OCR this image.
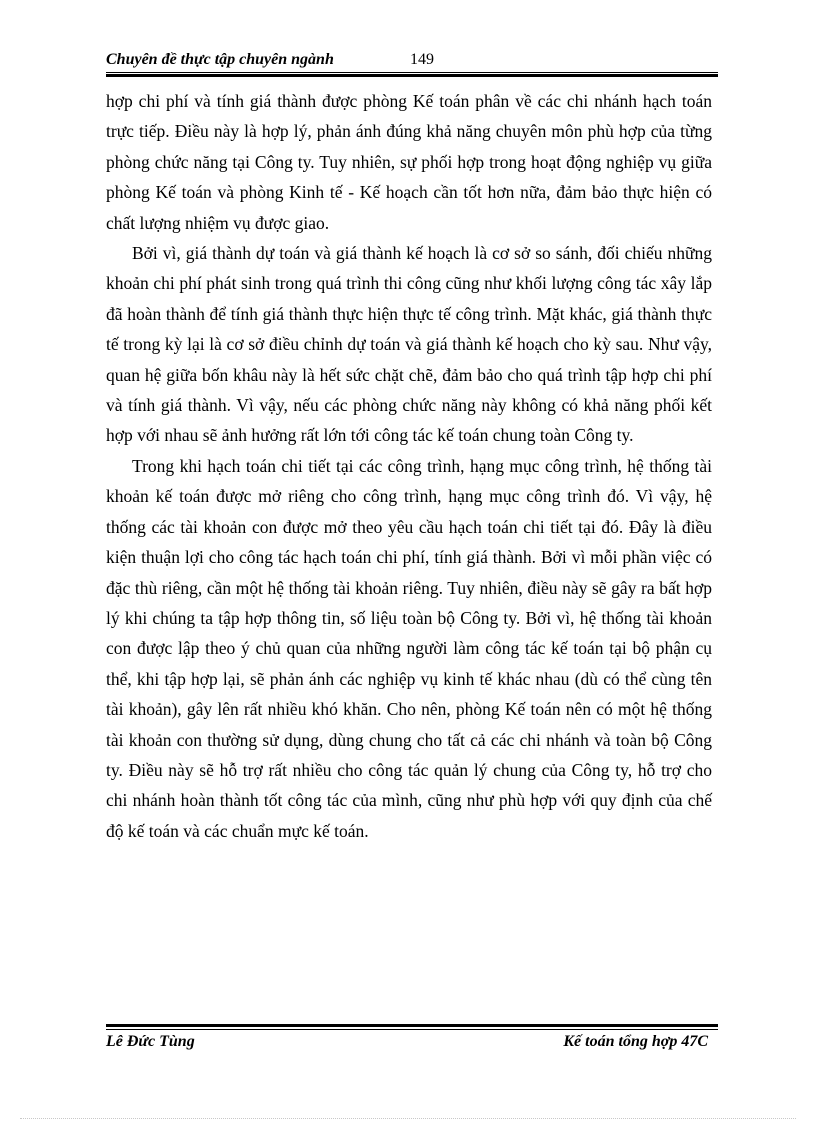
Chuyên đề thực tập chuyên ngành	149

hợp chi phí và tính giá thành được phòng Kế toán phân về các chi nhánh hạch toán trực tiếp. Điều này là hợp lý, phản ánh đúng khả năng chuyên môn phù hợp của từng phòng chức năng tại Công ty. Tuy nhiên, sự phối hợp trong hoạt động nghiệp vụ giữa phòng Kế toán và phòng Kinh tế - Kế hoạch cần tốt hơn nữa, đảm bảo thực hiện có chất lượng nhiệm vụ được giao.

Bởi vì, giá thành dự toán và giá thành kế hoạch là cơ sở so sánh, đối chiếu những khoản chi phí phát sinh trong quá trình thi công cũng như khối lượng công tác xây lắp đã hoàn thành để tính giá thành thực hiện thực tế công trình. Mặt khác, giá thành thực tế trong kỳ lại là cơ sở điều chỉnh dự toán và giá thành kế hoạch cho kỳ sau. Như vậy, quan hệ giữa bốn khâu này là hết sức chặt chẽ, đảm bảo cho quá trình tập hợp chi phí và tính giá thành. Vì vậy, nếu các phòng chức năng này không có khả năng phối kết hợp với nhau sẽ ảnh hưởng rất lớn tới công tác kế toán chung toàn Công ty.

Trong khi hạch toán chi tiết tại các công trình, hạng mục công trình, hệ thống tài khoản kế toán được mở riêng cho công trình, hạng mục công trình đó. Vì vậy, hệ thống các tài khoản con được mở theo yêu cầu hạch toán chi tiết tại đó. Đây là điều kiện thuận lợi cho công tác hạch toán chi phí, tính giá thành. Bởi vì mỗi phần việc có đặc thù riêng, cần một hệ thống tài khoản riêng. Tuy nhiên, điều này sẽ gây ra bất hợp lý khi chúng ta tập hợp thông tin, số liệu toàn bộ Công ty. Bởi vì, hệ thống tài khoản con được lập theo ý chủ quan của những người làm công tác kế toán tại bộ phận cụ thể, khi tập hợp lại, sẽ phản ánh các nghiệp vụ kinh tế khác nhau (dù có thể cùng tên tài khoản), gây lên rất nhiều khó khăn. Cho nên, phòng Kế toán nên có một hệ thống tài khoản con thường sử dụng, dùng chung cho tất cả các chi nhánh và toàn bộ Công ty. Điều này sẽ hỗ trợ rất nhiều cho công tác quản lý chung của Công ty, hỗ trợ cho chi nhánh hoàn thành tốt công tác của mình, cũng như phù hợp với quy định của chế độ kế toán và các chuẩn mực kế toán.

Lê Đức Tùng	Kế toán tổng hợp 47C
